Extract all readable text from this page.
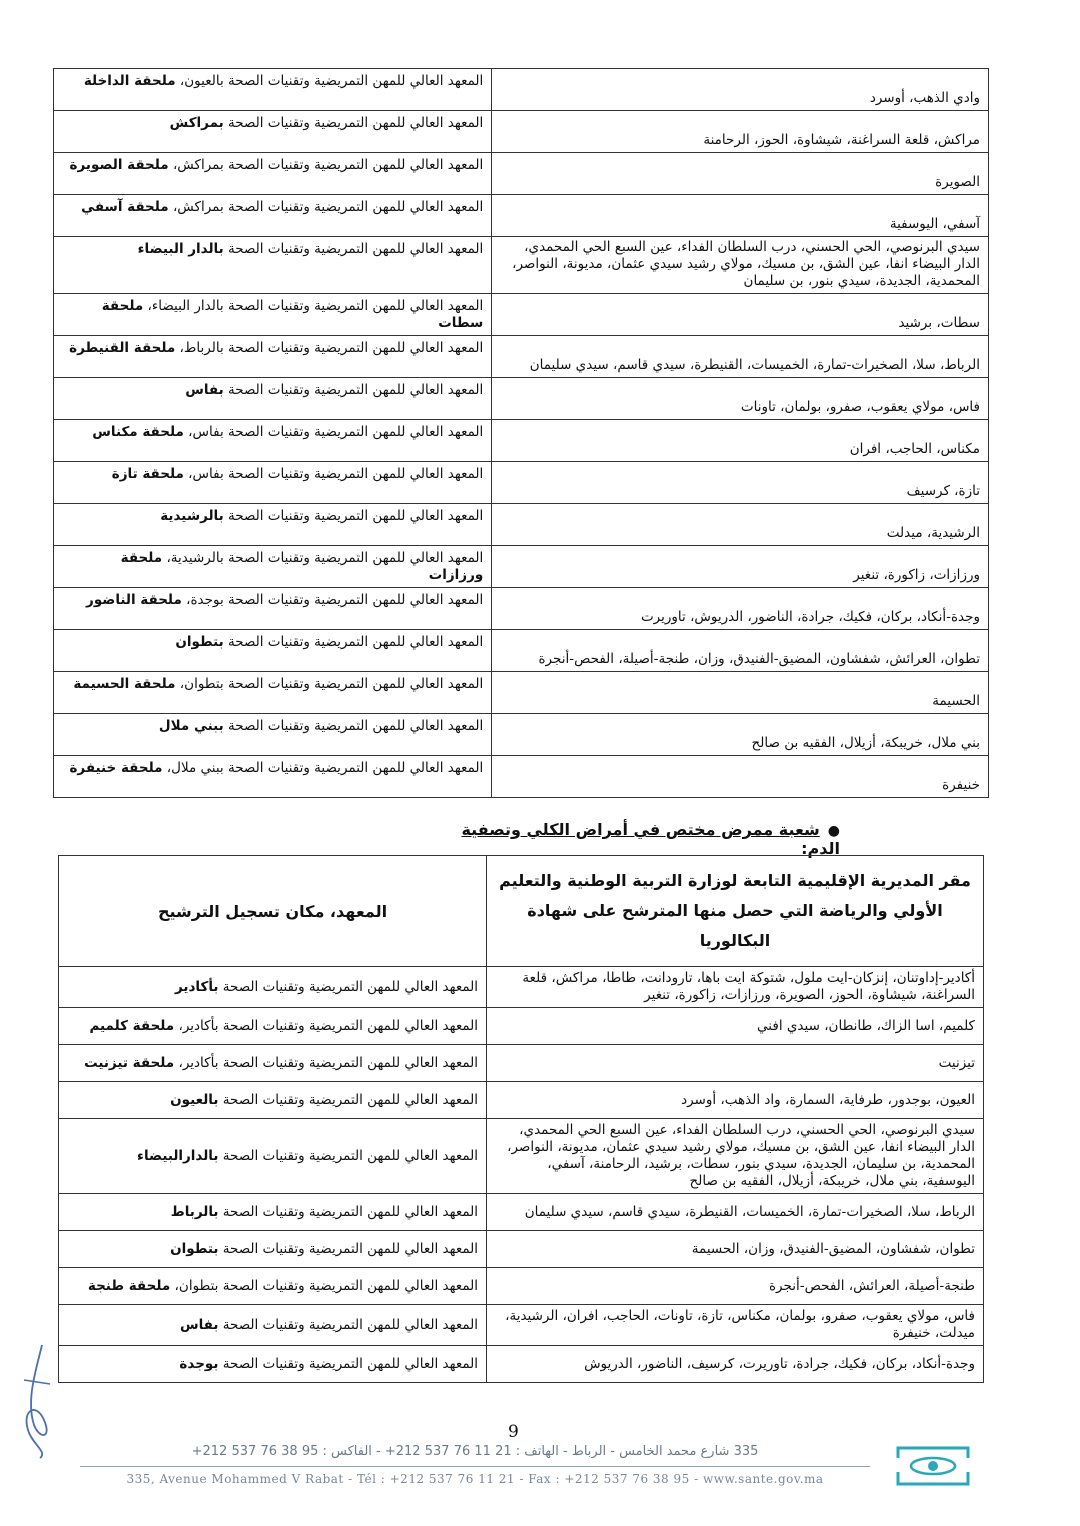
وادي الذهب، أوسرد	المعهد العالي للمهن التمريضية وتقنيات الصحة بالعيون، ملحقة الداخلة
مراكش، قلعة السراغنة، شيشاوة، الحوز، الرحامنة	المعهد العالي للمهن التمريضية وتقنيات الصحة بمراكش
الصويرة	المعهد العالي للمهن التمريضية وتقنيات الصحة بمراكش، ملحقة الصويرة
آسفي، اليوسفية	المعهد العالي للمهن التمريضية وتقنيات الصحة بمراكش، ملحقة آسفي
سيدي البرنوصي، الحي الحسني، درب السلطان الفداء، عين السبع الحي المحمدي، الدار البيضاء انفا، عين الشق، بن مسيك، مولاي رشيد سيدي عثمان، مديونة، النواصر، المحمدية، الجديدة، سيدي بنور، بن سليمان	المعهد العالي للمهن التمريضية وتقنيات الصحة بالدار البيضاء
سطات، برشيد	المعهد العالي للمهن التمريضية وتقنيات الصحة بالدار البيضاء، ملحقة سطات
الرباط، سلا، الصخيرات-تمارة، الخميسات، القنيطرة، سيدي قاسم، سيدي سليمان	المعهد العالي للمهن التمريضية وتقنيات الصحة بالرباط، ملحقة القنيطرة
فاس، مولاي يعقوب، صفرو، بولمان، تاونات	المعهد العالي للمهن التمريضية وتقنيات الصحة بفاس
مكناس، الحاجب، افران	المعهد العالي للمهن التمريضية وتقنيات الصحة بفاس، ملحقة مكناس
تازة، كرسيف	المعهد العالي للمهن التمريضية وتقنيات الصحة بفاس، ملحقة تازة
الرشيدية، ميدلت	المعهد العالي للمهن التمريضية وتقنيات الصحة بالرشيدية
ورزازات، زاكورة، تنغير	المعهد العالي للمهن التمريضية وتقنيات الصحة بالرشيدية، ملحقة ورزازات
وجدة-أنكاد، بركان، فكيك، جرادة، الناضور، الدريوش، تاوريرت	المعهد العالي للمهن التمريضية وتقنيات الصحة بوجدة، ملحقة الناضور
تطوان، العرائش، شفشاون، المضيق-الفنيدق، وزان، طنجة-أصيلة، الفحص-أنجرة	المعهد العالي للمهن التمريضية وتقنيات الصحة بتطوان
الحسيمة	المعهد العالي للمهن التمريضية وتقنيات الصحة بتطوان، ملحقة الحسيمة
بني ملال، خريبكة، أزيلال، الفقيه بن صالح	المعهد العالي للمهن التمريضية وتقنيات الصحة ببني ملال
خنيفرة	المعهد العالي للمهن التمريضية وتقنيات الصحة ببني ملال، ملحقة خنيفرة
●شعبة ممرض مختص في أمراض الكلي وتصفية الدم:
مقر المديرية الإقليمية التابعة لوزارة التربية الوطنية والتعليم الأولي والرياضة التي حصل منها المترشح على شهادة البكالوريا	المعهد، مكان تسجيل الترشيح
أكادير-إداوتنان، إنزكان-ايت ملول، شتوكة ايت باها، تارودانت، طاطا، مراكش، قلعة السراغنة، شيشاوة، الحوز، الصويرة، ورزازات، زاكورة، تنغير	المعهد العالي للمهن التمريضية وتقنيات الصحة بأكادير
كلميم، اسا الزاك، طانطان، سيدي افني	المعهد العالي للمهن التمريضية وتقنيات الصحة بأكادير، ملحقة كلميم
تيزنيت	المعهد العالي للمهن التمريضية وتقنيات الصحة بأكادير، ملحقة تيزنيت
العيون، بوجدور، طرفاية، السمارة، واد الذهب، أوسرد	المعهد العالي للمهن التمريضية وتقنيات الصحة بالعيون
سيدي البرنوصي، الحي الحسني، درب السلطان الفداء، عين السبع الحي المحمدي، الدار البيضاء انفا، عين الشق، بن مسيك، مولاي رشيد سيدي عثمان، مديونة، النواصر، المحمدية، بن سليمان، الجديدة، سيدي بنور، سطات، برشيد، الرحامنة، آسفي، اليوسفية، بني ملال، خريبكة، أزيلال، الفقيه بن صالح	المعهد العالي للمهن التمريضية وتقنيات الصحة بالدارالبيضاء
الرباط، سلا، الصخيرات-تمارة، الخميسات، القنيطرة، سيدي قاسم، سيدي سليمان	المعهد العالي للمهن التمريضية وتقنيات الصحة بالرباط
تطوان، شفشاون، المضيق-الفنيدق، وزان، الحسيمة	المعهد العالي للمهن التمريضية وتقنيات الصحة بتطوان
طنجة-أصيلة، العرائش، الفحص-أنجرة	المعهد العالي للمهن التمريضية وتقنيات الصحة بتطوان، ملحقة طنجة
فاس، مولاي يعقوب، صفرو، بولمان، مكناس، تازة، تاونات، الحاجب، افران، الرشيدية، ميدلت، خنيفرة	المعهد العالي للمهن التمريضية وتقنيات الصحة بفاس
وجدة-أنكاد، بركان، فكيك، جرادة، تاوريرت، كرسيف، الناضور، الدريوش	المعهد العالي للمهن التمريضية وتقنيات الصحة بوجدة
9
335 شارع محمد الخامس - الرباط - الهاتف : 21 11 76 537 212+ - الفاكس : 95 38 76 537 212+
335, Avenue Mohammed V Rabat - Tél : +212 537 76 11 21 - Fax : +212 537 76 38 95 - www.sante.gov.ma
